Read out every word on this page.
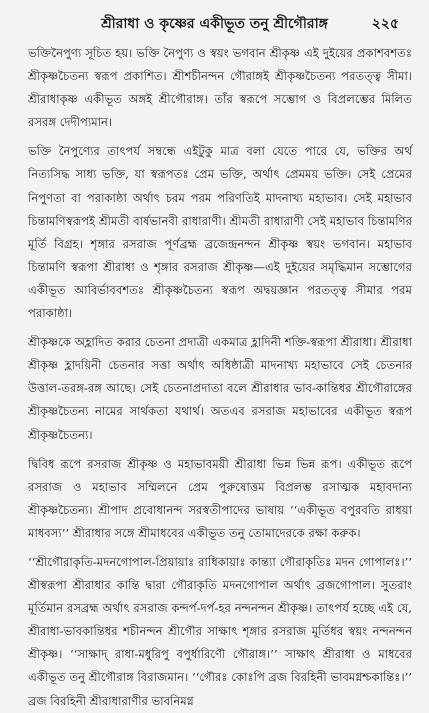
শ্রীরাধা ও কৃষ্ণের একীভূত তনু শ্রীগৌরাঙ্গ	২২৫

ভক্তিনৈপুণ্য সূচিত হয়। ভক্তি নৈপুণ্য ও স্বয়ং ভগবান শ্রীকৃষ্ণ এই দুইয়ের প্রকাশবশতঃ শ্রীকৃষ্ণচৈতন্য স্বরূপ প্রকাশিত। শ্রীশচীনন্দন গৌরাঙ্গই শ্রীকৃষ্ণচৈতন্য পরতত্ত্ব সীমা। শ্রীরাধাকৃষ্ণ একীভূত অঙ্গই শ্রীগৌরাঙ্গ। তাঁর স্বরূপে সম্ভোগ ও বিপ্রলম্ভের মিলিত রসরঙ্গ দেদীপ্যমান।

ভক্তি নৈপুণ্যের তাৎপর্য সম্বন্ধে এইটুকু মাত্র বলা যেতে পারে যে, ভক্তির অর্থ নিত্যসিদ্ধ সাধ্য ভক্তি, যা স্বরূপতঃ প্রেম ভক্তি, অর্থাৎ প্রেমময় ভক্তি। সেই প্রেমের নিপুণতা বা পরাকাষ্ঠা অর্থাৎ চরম পরম পরিণতিই মাদনাখ্য মহাভাব। সেই মহাভাব চিন্তামণিস্বরূপই শ্রীমতী বার্ষভানবী রাধারাণী। শ্রীমতী রাধারাণী সেই মহাভাব চিন্তামণির মূর্তি বিগ্রহ। শৃঙ্গার রসরাজ পূর্ণব্রহ্ম ব্রজেন্দ্রনন্দন শ্রীকৃষ্ণ স্বয়ং ভগবান। মহাভাব চিন্তামণি স্বরূপা শ্রীরাধা ও শৃঙ্গার রসরাজ শ্রীকৃষ্ণ—এই দুইয়ের সমৃদ্ধিমান সম্ভোগের একীভূত আবির্ভাববশতঃ শ্রীকৃষ্ণচৈতন্য স্বরূপ অদ্বয়জ্ঞান পরতত্ত্ব সীমার পরম পরাকাষ্ঠা।

শ্রীকৃষ্ণকে অহ্লাদিত করার চেতনা প্রদাত্রী একমাত্র হ্লাদিনী শক্তি-স্বরূপা শ্রীরাধা। শ্রীরাধা শ্রীকৃষ্ণ হ্লাদয়িনী চেতনার সত্তা অর্থাৎ অধিষ্ঠাত্রী মাদনাখ্য মহাভাবে সেই চেতনার উত্তাল-তরঙ্গ-রঙ্গ আছে। সেই চেতনাপ্রদাতা বলে শ্রীরাধার ভাব-কান্তিধর শ্রীগৌরাঙ্গের শ্রীকৃষ্ণচৈতন্য নামের সার্থকতা যথার্থ। অতএব রসরাজ মহাভাবের একীভূত স্বরূপ শ্রীকৃষ্ণচৈতন্য।

দ্বিবিধ রূপে রসরাজ শ্রীকৃষ্ণ ও মহাভাবময়ী শ্রীরাধা ভিন্ন ভিন্ন রূপ। একীভূত রূপে রসরাজ ও মহাভাব সম্মিলনে প্রেম পুরুষোত্তম বিপ্রলম্ভ রসাত্মক মহাবদান্য শ্রীকৃষ্ণচৈতন্য। শ্রীপাদ প্রবোধানন্দ সরস্বতীপাদের ভাষায় ‘‘একীভূত বপুরবতি রাধয়া মাধবস্য’’ শ্রীরাধার সঙ্গে শ্রীমাধবের একীভূত তনু তোমাদেরকে রক্ষা করুক।

‘‘শ্রীগৌরাকৃতি-মদনগোপাল-প্রিয়ায়াঃ রাধিকায়াঃ কান্ত্যা গৌরাকৃতিঃ মদন গোপালঃ।’’ শ্রীস্বরূপা শ্রীরাধার কান্তি দ্বারা গৌরাকৃতি মদনগোপাল অর্থাৎ ব্রজগোপাল। সুতরাং মূর্তিমান রসব্রহ্ম অর্থাৎ রসরাজ কন্দর্প-দর্প-হর নন্দনন্দন শ্রীকৃষ্ণ। তাৎপর্য হচ্ছে এই যে, শ্রীরাধা-ভাবকান্তিধর শচীনন্দন শ্রীগৌর সাক্ষাৎ শৃঙ্গার রসরাজ মূর্তিধর স্বয়ং নন্দনন্দন শ্রীকৃষ্ণ। ‘‘সাক্ষাদ্‌ রাধা-মধুরিপু বপুর্ধারিণৌ গৌরাঙ্গ।’’ সাক্ষাৎ শ্রীরাধা ও মাধবের একীভূত তনু শ্রীগৌরাঙ্গ বিরাজমান। ‘‘গৌরঃ কোঃপি ব্রজ বিরহিনী ভাবমগ্নশ্চকান্তিঃ।’’ ব্রজ বিরহিনী শ্রীরাধারাণীর ভাবনিমগ্ন
